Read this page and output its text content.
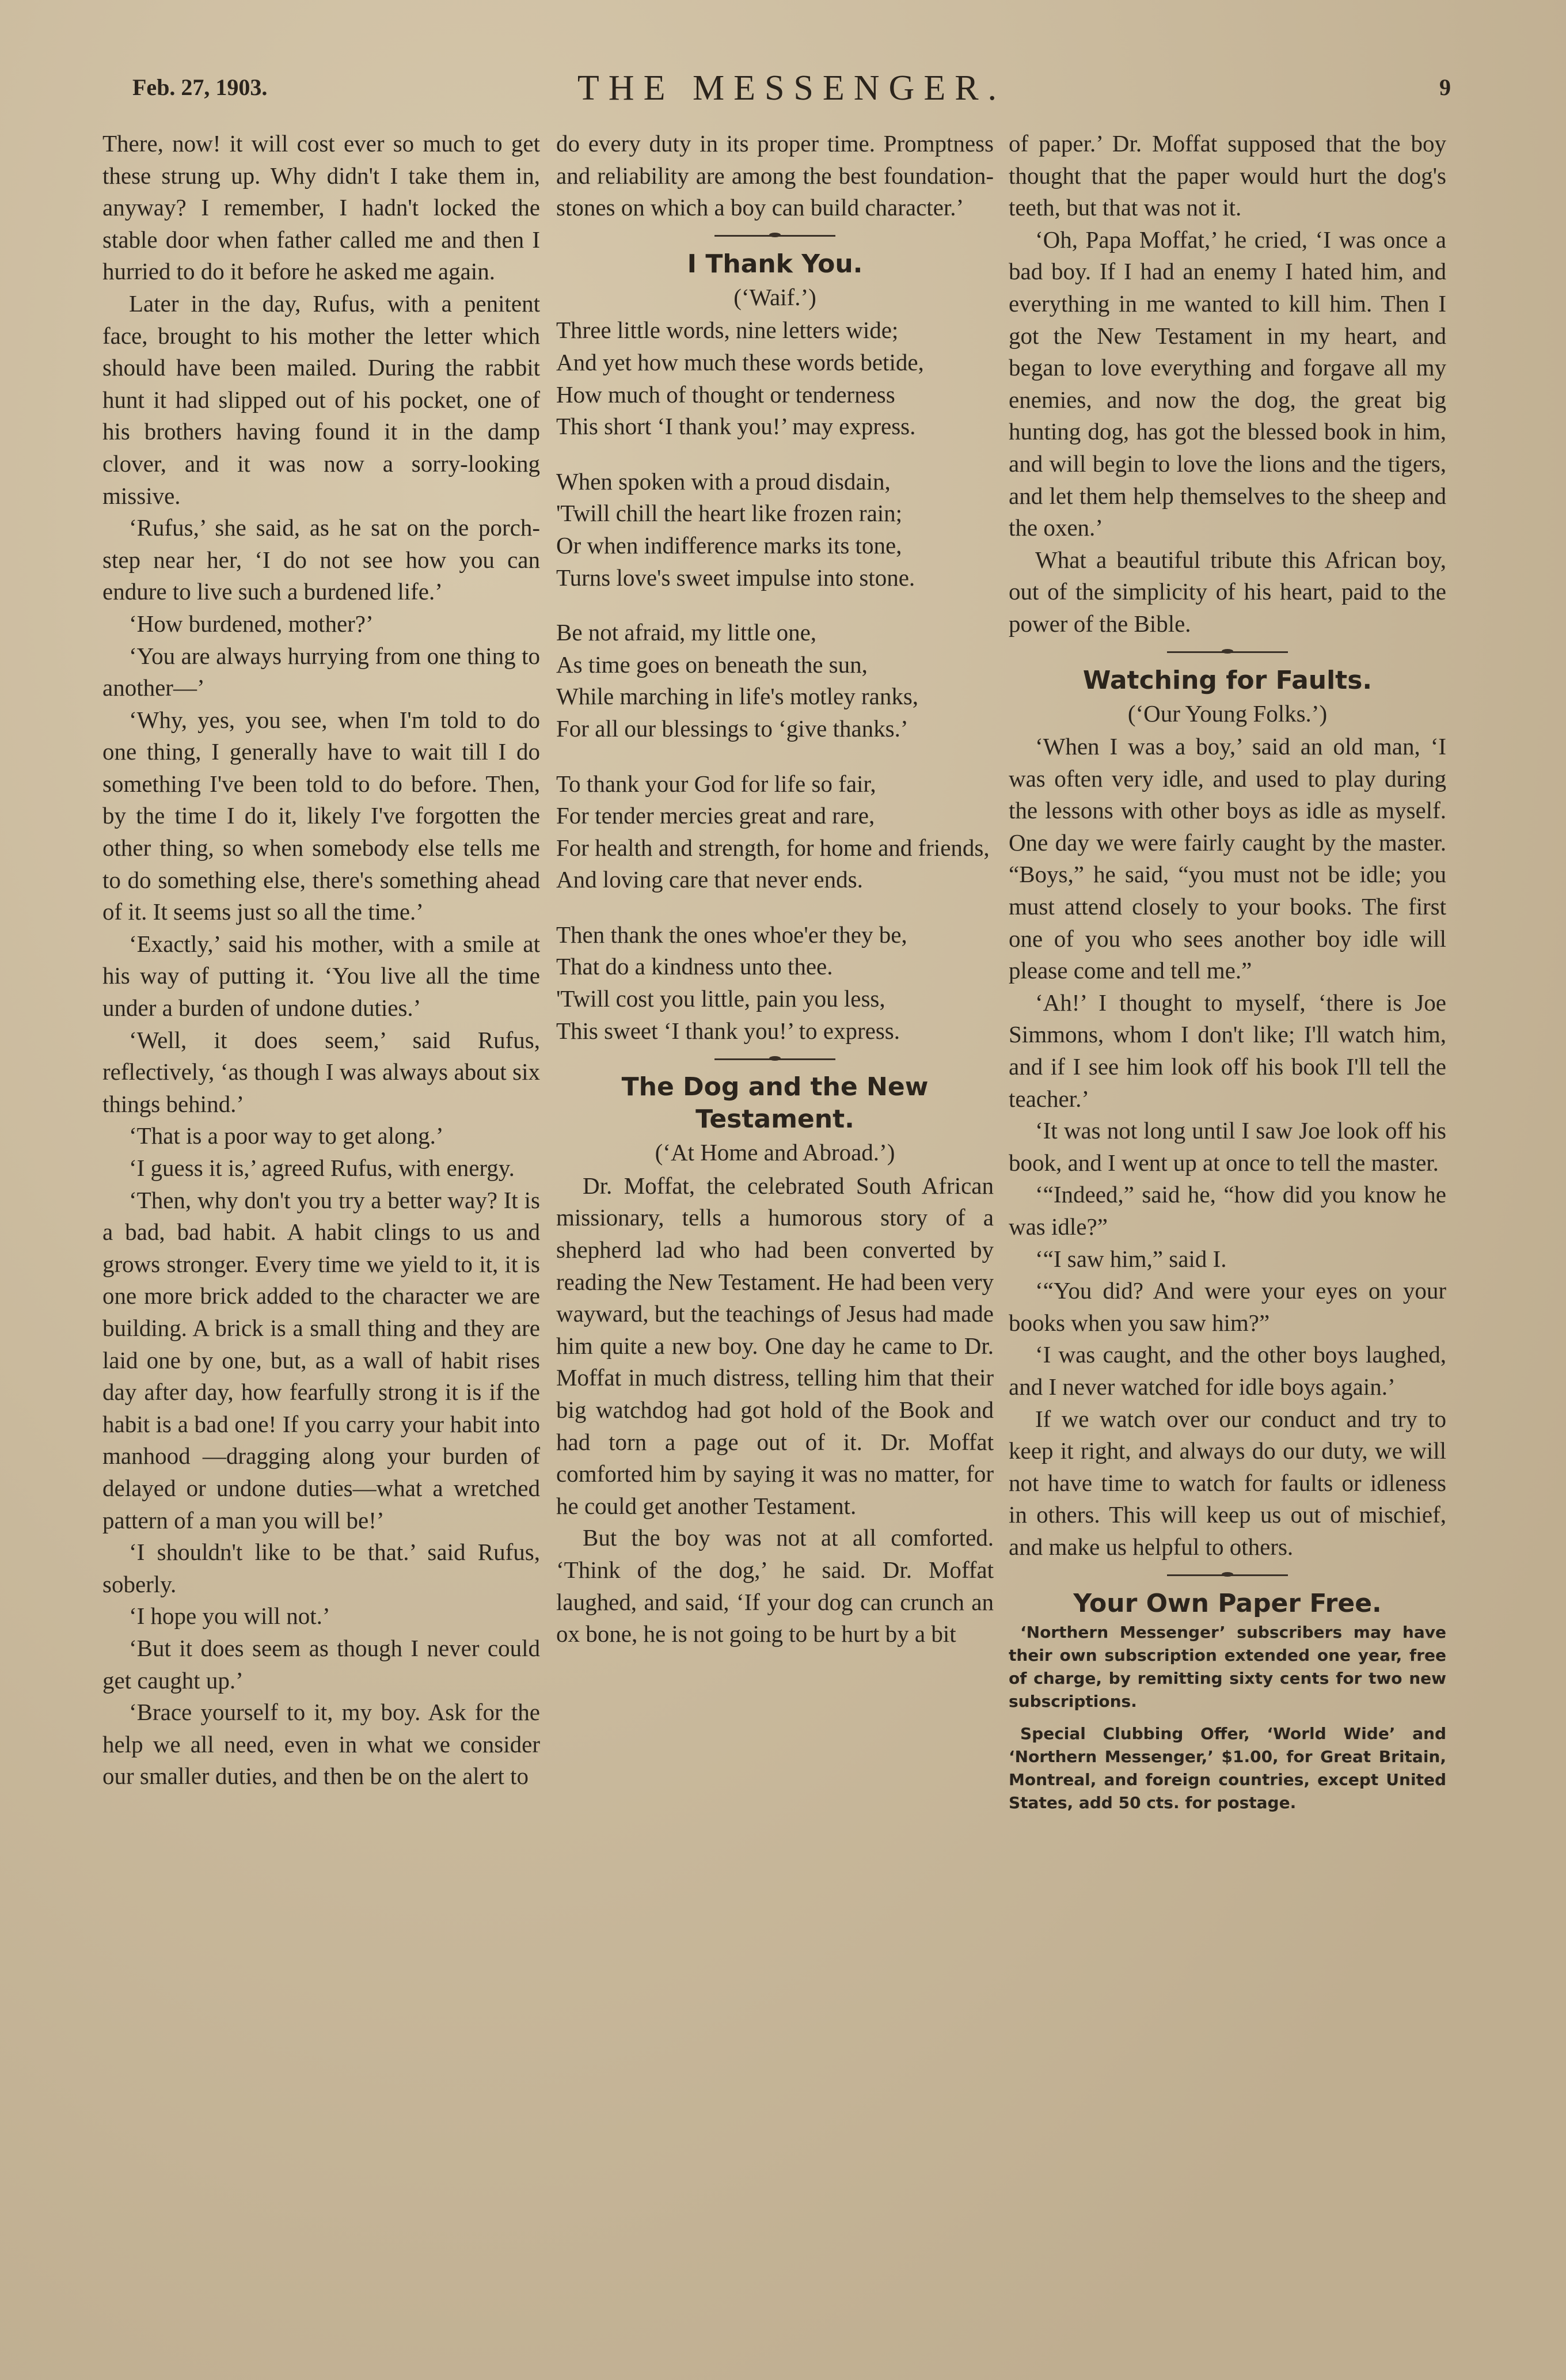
Feb. 27, 1903.	THE MESSENGER.	9

There, now! it will cost ever so much to get these strung up. Why didn't I take them in, anyway? I remember, I hadn't locked the stable door when father called me and then I hurried to do it before he asked me again.

Later in the day, Rufus, with a penitent face, brought to his mother the letter which should have been mailed. During the rabbit hunt it had slipped out of his pocket, one of his brothers having found it in the damp clover, and it was now a sorry-looking missive.

‘Rufus,’ she said, as he sat on the porch-step near her, ‘I do not see how you can endure to live such a burdened life.’

‘How burdened, mother?’

‘You are always hurrying from one thing to another—’

‘Why, yes, you see, when I'm told to do one thing, I generally have to wait till I do something I've been told to do before. Then, by the time I do it, likely I've forgotten the other thing, so when somebody else tells me to do something else, there's something ahead of it. It seems just so all the time.’

‘Exactly,’ said his mother, with a smile at his way of putting it. ‘You live all the time under a burden of undone duties.’

‘Well, it does seem,’ said Rufus, reflectively, ‘as though I was always about six things behind.’

‘That is a poor way to get along.’

‘I guess it is,’ agreed Rufus, with energy.

‘Then, why don't you try a better way? It is a bad, bad habit. A habit clings to us and grows stronger. Every time we yield to it, it is one more brick added to the character we are building. A brick is a small thing and they are laid one by one, but, as a wall of habit rises day after day, how fearfully strong it is if the habit is a bad one! If you carry your habit into manhood —dragging along your burden of delayed or undone duties—what a wretched pattern of a man you will be!’

‘I shouldn't like to be that.’ said Rufus, soberly.

‘I hope you will not.’

‘But it does seem as though I never could get caught up.’

‘Brace yourself to it, my boy. Ask for the help we all need, even in what we consider our smaller duties, and then be on the alert to

do every duty in its proper time. Promptness and reliability are among the best foundation-stones on which a boy can build character.’

I Thank You.
(‘Waif.’)

Three little words, nine letters wide;

And yet how much these words betide,

How much of thought or tenderness

This short ‘I thank you!’ may express.

When spoken with a proud disdain,

'Twill chill the heart like frozen rain;

Or when indifference marks its tone,

Turns love's sweet impulse into stone.

Be not afraid, my little one,

As time goes on beneath the sun,

While marching in life's motley ranks,

For all our blessings to ‘give thanks.’

To thank your God for life so fair,

For tender mercies great and rare,

For health and strength, for home and friends,

And loving care that never ends.

Then thank the ones whoe'er they be,

That do a kindness unto thee.

'Twill cost you little, pain you less,

This sweet ‘I thank you!’ to express.

The Dog and the New Testament.
(‘At Home and Abroad.’)

Dr. Moffat, the celebrated South African missionary, tells a humorous story of a shepherd lad who had been converted by reading the New Testament. He had been very wayward, but the teachings of Jesus had made him quite a new boy. One day he came to Dr. Moffat in much distress, telling him that their big watchdog had got hold of the Book and had torn a page out of it. Dr. Moffat comforted him by saying it was no matter, for he could get another Testament.

But the boy was not at all comforted. ‘Think of the dog,’ he said. Dr. Moffat laughed, and said, ‘If your dog can crunch an ox bone, he is not going to be hurt by a bit

of paper.’ Dr. Moffat supposed that the boy thought that the paper would hurt the dog's teeth, but that was not it.

‘Oh, Papa Moffat,’ he cried, ‘I was once a bad boy. If I had an enemy I hated him, and everything in me wanted to kill him. Then I got the New Testament in my heart, and began to love everything and forgave all my enemies, and now the dog, the great big hunting dog, has got the blessed book in him, and will begin to love the lions and the tigers, and let them help themselves to the sheep and the oxen.’

What a beautiful tribute this African boy, out of the simplicity of his heart, paid to the power of the Bible.

Watching for Faults.
(‘Our Young Folks.’)

‘When I was a boy,’ said an old man, ‘I was often very idle, and used to play during the lessons with other boys as idle as myself. One day we were fairly caught by the master. “Boys,” he said, “you must not be idle; you must attend closely to your books. The first one of you who sees another boy idle will please come and tell me.”

‘Ah!’ I thought to myself, ‘there is Joe Simmons, whom I don't like; I'll watch him, and if I see him look off his book I'll tell the teacher.’

‘It was not long until I saw Joe look off his book, and I went up at once to tell the master.

‘“Indeed,” said he, “how did you know he was idle?”

‘“I saw him,” said I.

‘“You did? And were your eyes on your books when you saw him?”

‘I was caught, and the other boys laughed, and I never watched for idle boys again.’

If we watch over our conduct and try to keep it right, and always do our duty, we will not have time to watch for faults or idleness in others. This will keep us out of mischief, and make us helpful to others.

Your Own Paper Free.

‘Northern Messenger’ subscribers may have their own subscription extended one year, free of charge, by remitting sixty cents for two new subscriptions.

Special Clubbing Offer, ‘World Wide’ and ‘Northern Messenger,’ $1.00, for Great Britain, Montreal, and foreign countries, except United States, add 50 cts. for postage.
